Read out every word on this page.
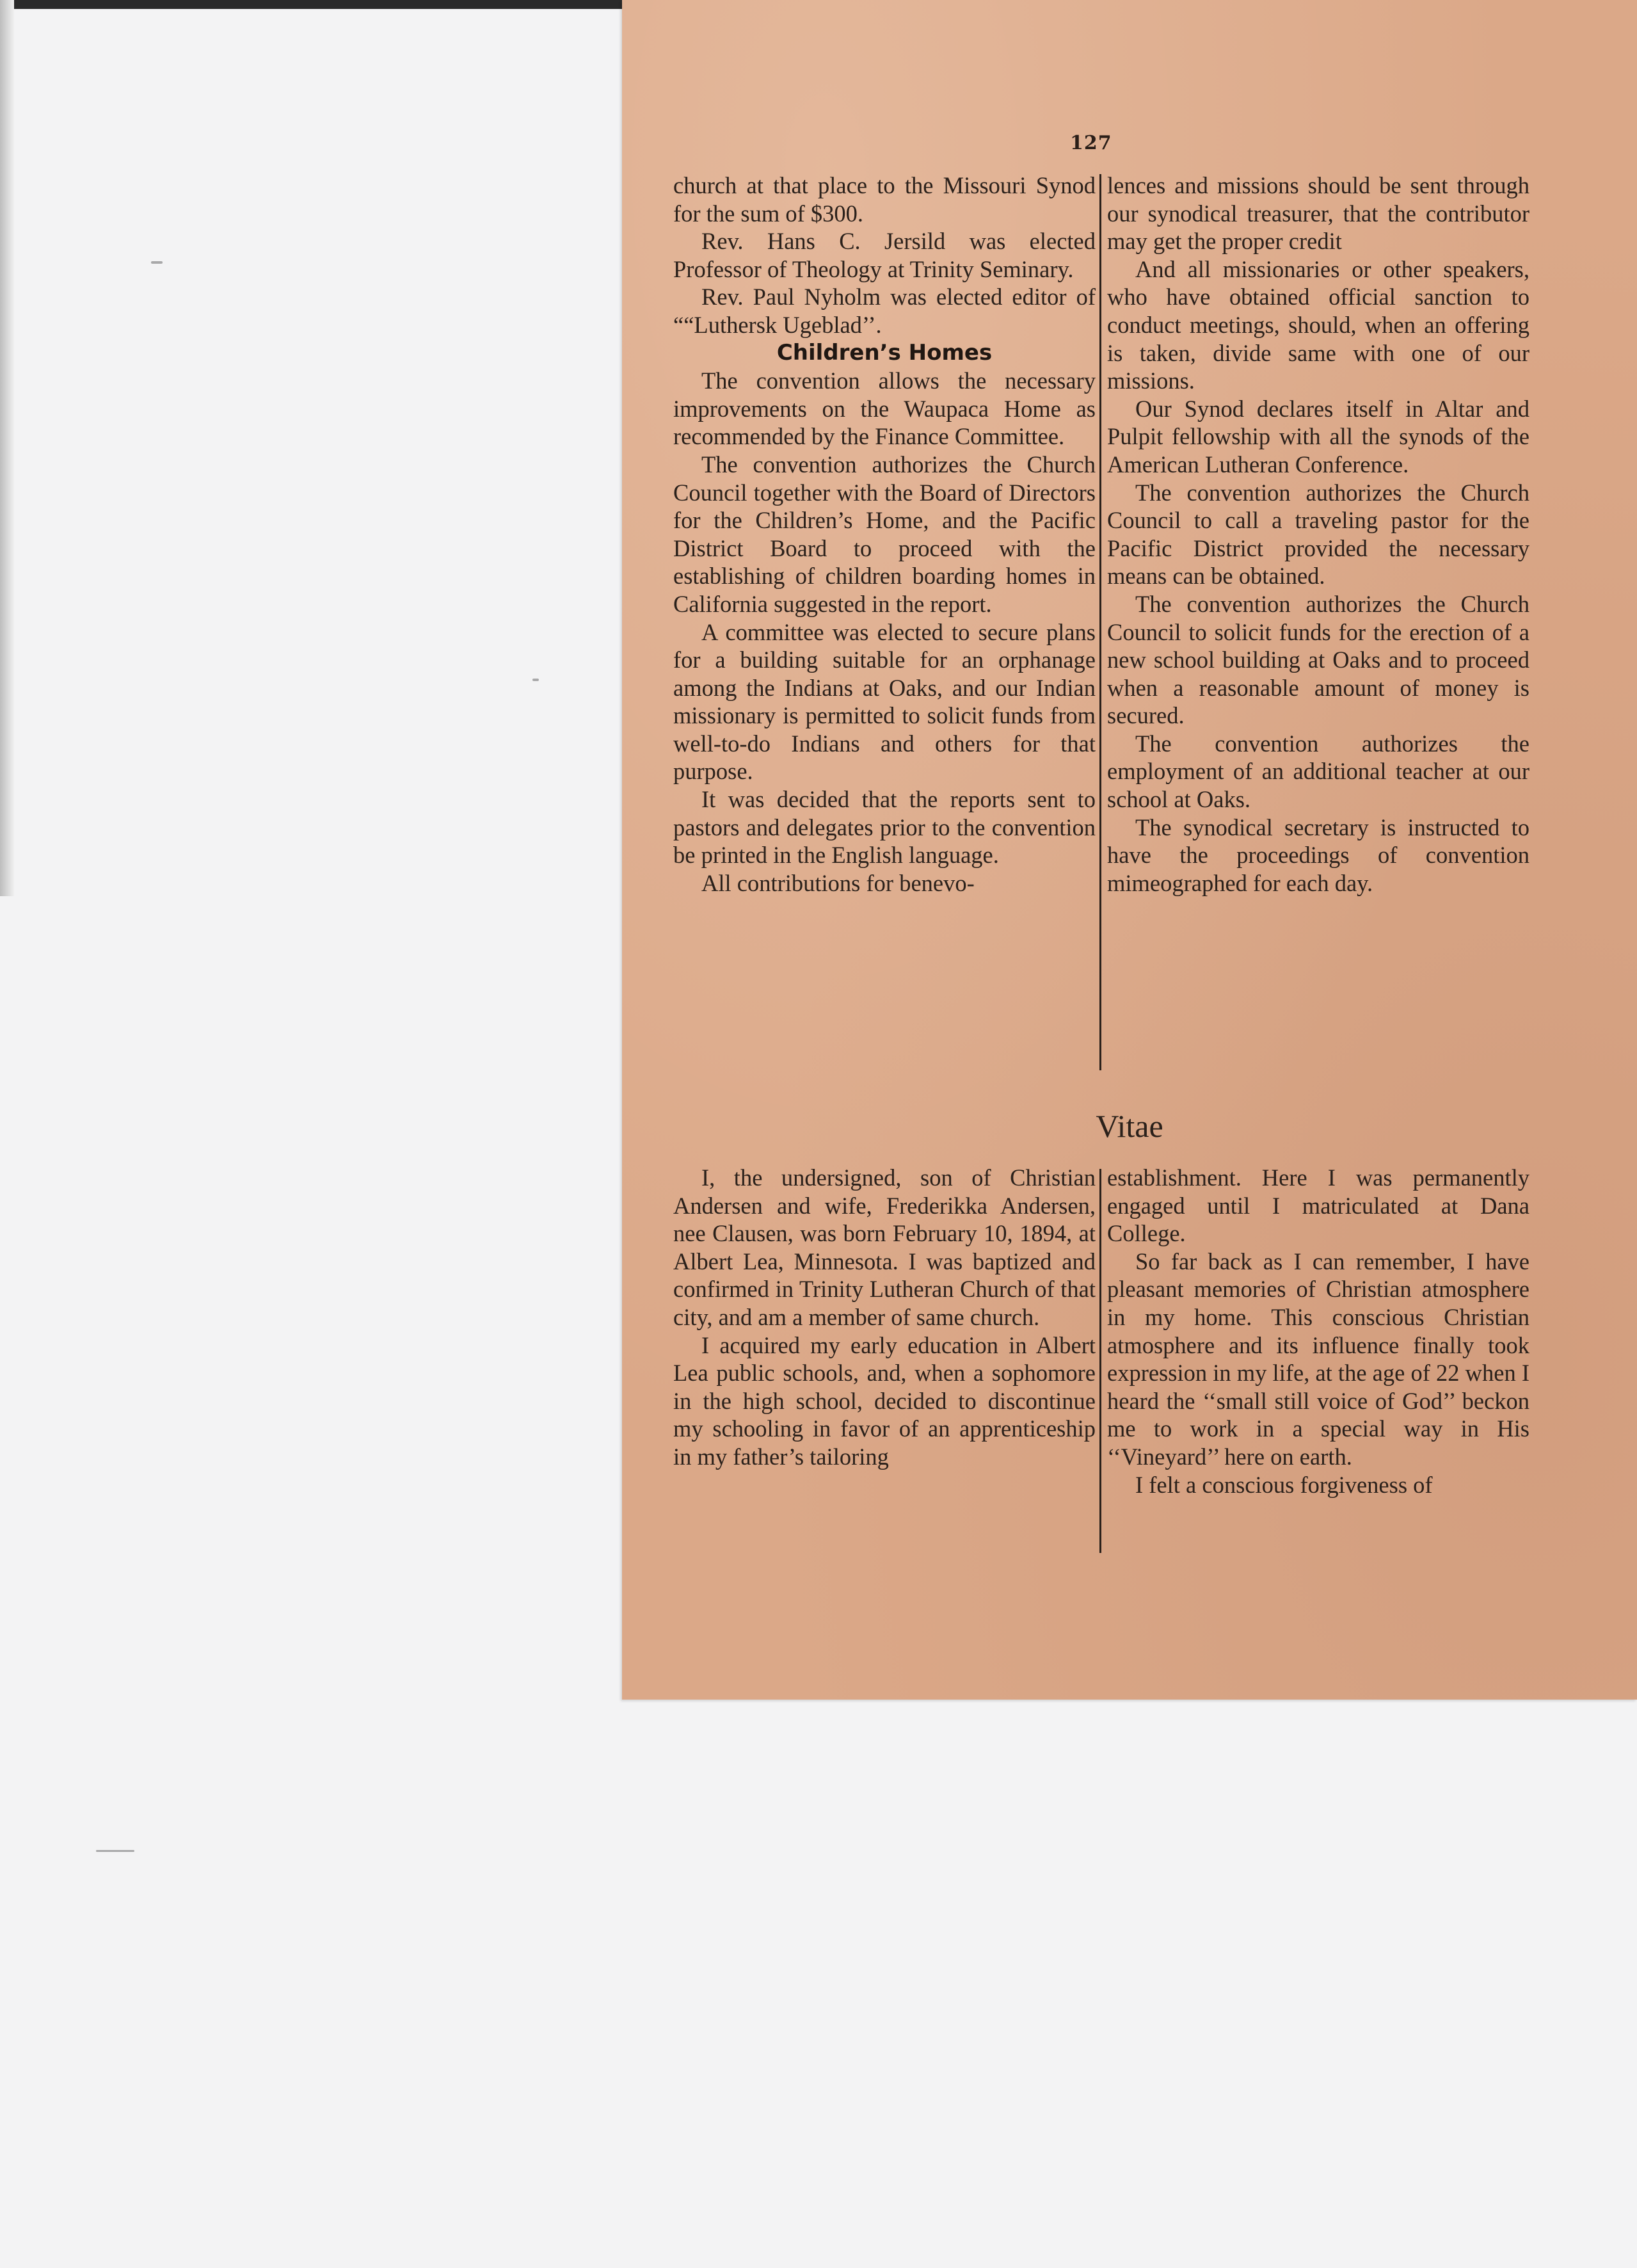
127

church at that place to the Missouri Synod for the sum of $300.

Rev. Hans C. Jersild was elected Professor of Theology at Trinity Seminary.

Rev. Paul Nyholm was elected editor of ““Luthersk Ugeblad’’.

Children’s Homes

The convention allows the necessary improvements on the Waupaca Home as recommended by the Finance Committee.

The convention authorizes the Church Council together with the Board of Directors for the Children’s Home, and the Pacific District Board to proceed with the establishing of children boarding homes in California suggested in the report.

A committee was elected to secure plans for a building suitable for an orphanage among the Indians at Oaks, and our Indian missionary is permitted to solicit funds from well-to-do Indians and others for that purpose.

It was decided that the reports sent to pastors and delegates prior to the convention be printed in the English language.

All contributions for benevo-

lences and missions should be sent through our synodical treasurer, that the contributor may get the proper credit

And all missionaries or other speakers, who have obtained official sanction to conduct meetings, should, when an offering is taken, divide same with one of our missions.

Our Synod declares itself in Altar and Pulpit fellowship with all the synods of the American Lutheran Conference.

The convention authorizes the Church Council to call a traveling pastor for the Pacific District provided the necessary means can be obtained.

The convention authorizes the Church Council to solicit funds for the erection of a new school building at Oaks and to proceed when a reasonable amount of money is secured.

The convention authorizes the employment of an additional teacher at our school at Oaks.

The synodical secretary is instructed to have the proceedings of convention mimeographed for each day.

Vitae

I, the undersigned, son of Christian Andersen and wife, Frederikka Andersen, nee Clausen, was born February 10, 1894, at Albert Lea, Minnesota. I was baptized and confirmed in Trinity Lutheran Church of that city, and am a member of same church.

I acquired my early education in Albert Lea public schools, and, when a sophomore in the high school, decided to discontinue my schooling in favor of an apprenticeship in my father’s tailoring

establishment. Here I was permanently engaged until I matriculated at Dana College.

So far back as I can remember, I have pleasant memories of Christian atmosphere in my home. This conscious Christian atmosphere and its influence finally took expression in my life, at the age of 22 when I heard the ‘‘small still voice of God’’ beckon me to work in a special way in His ‘‘Vineyard’’ here on earth.

I felt a conscious forgiveness of
